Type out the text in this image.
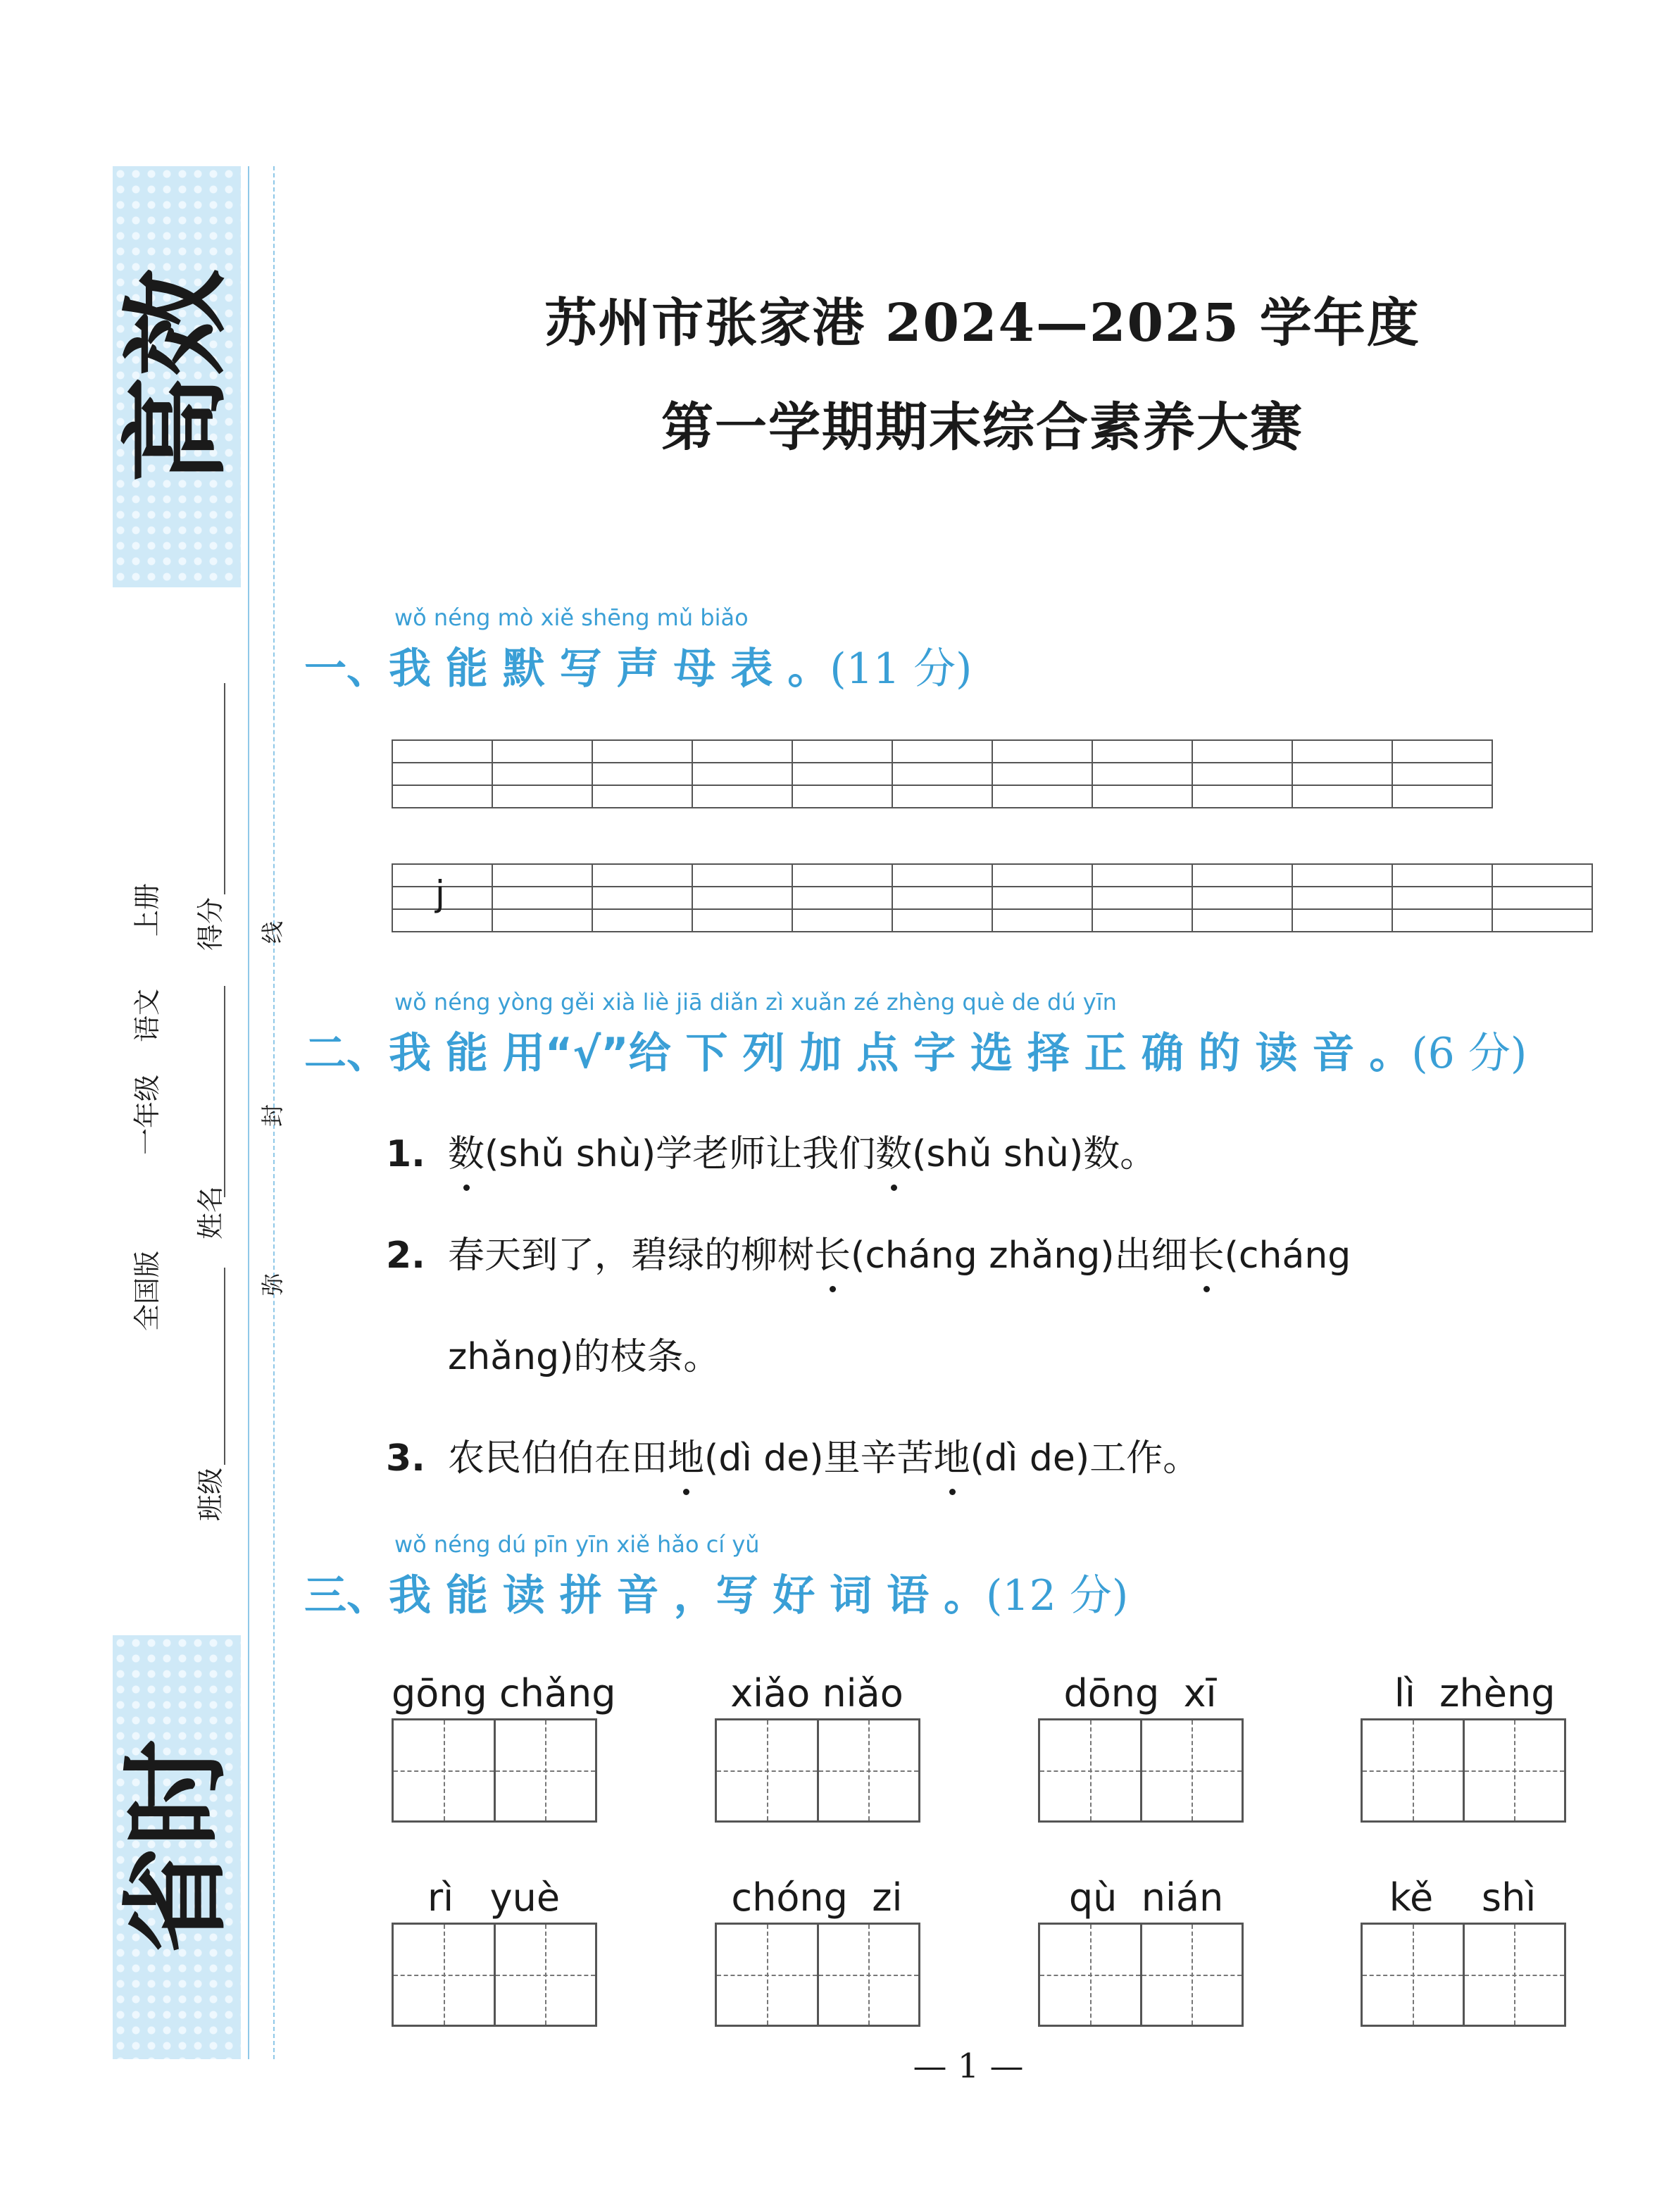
高效
省时
全国版
一年级
语文
上册
班级
姓名
得分
弥
封
线
苏州市张家港 2024—2025 学年度
第一学期期末综合素养大赛
wǒ néng mò xiě shēng mǔ biǎo
一、我 能 默 写 声 母 表 。(11 分)

j
wǒ néng yòng gěi xià liè jiā diǎn zì xuǎn zé zhèng què de dú yīn
二、我 能 用“√”给 下 列 加 点 字 选 择 正 确 的 读 音 。(6 分)
1. 数(shǔ shù)学老师让我们数(shǔ shù)数。
2. 春天到了，碧绿的柳树长(cháng zhǎng)出细长(cháng
zhǎng)的枝条。
3. 农民伯伯在田地(dì de)里辛苦地(dì de)工作。
wǒ néng dú pīn yīn xiě hǎo cí yǔ
三、我 能 读 拼 音 ，写 好 词 语 。(12 分)
gōng chǎng	xiǎo niǎo	dōng  xī	lì  zhèng
rì   yuè	chóng  zi	qù  nián	kě    shì
— 1 —
